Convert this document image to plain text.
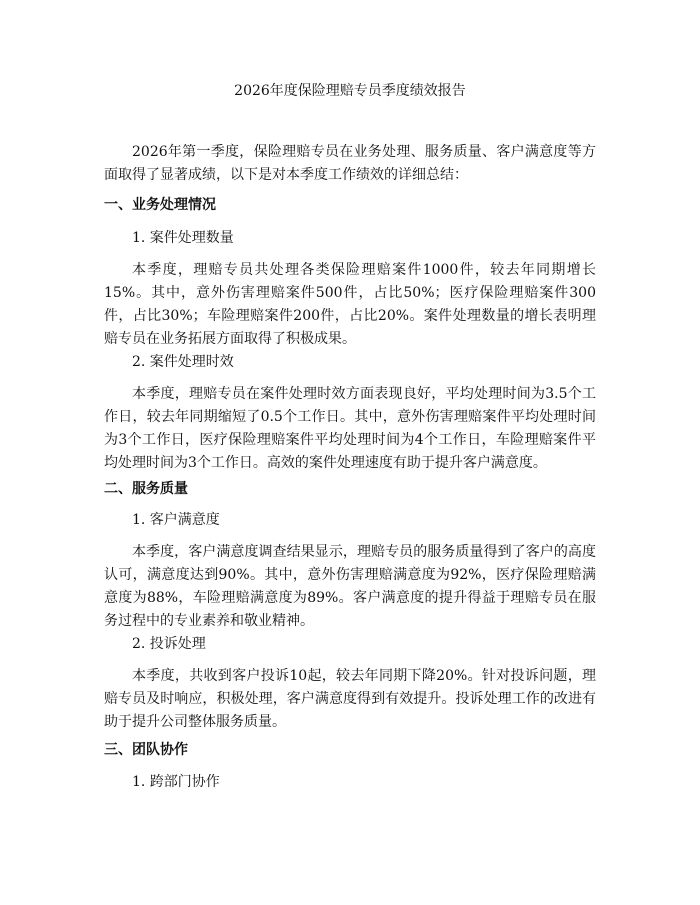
2026年度保险理赔专员季度绩效报告

2026年第一季度，保险理赔专员在业务处理、服务质量、客户满意度等方面取得了显著成绩，以下是对本季度工作绩效的详细总结：

一、业务处理情况

1. 案件处理数量

本季度，理赔专员共处理各类保险理赔案件1000件，较去年同期增长15%。其中，意外伤害理赔案件500件，占比50%；医疗保险理赔案件300件，占比30%；车险理赔案件200件，占比20%。案件处理数量的增长表明理赔专员在业务拓展方面取得了积极成果。

2. 案件处理时效

本季度，理赔专员在案件处理时效方面表现良好，平均处理时间为3.5个工作日，较去年同期缩短了0.5个工作日。其中，意外伤害理赔案件平均处理时间为3个工作日，医疗保险理赔案件平均处理时间为4个工作日，车险理赔案件平均处理时间为3个工作日。高效的案件处理速度有助于提升客户满意度。

二、服务质量

1. 客户满意度

本季度，客户满意度调查结果显示，理赔专员的服务质量得到了客户的高度认可，满意度达到90%。其中，意外伤害理赔满意度为92%，医疗保险理赔满意度为88%，车险理赔满意度为89%。客户满意度的提升得益于理赔专员在服务过程中的专业素养和敬业精神。

2. 投诉处理

本季度，共收到客户投诉10起，较去年同期下降20%。针对投诉问题，理赔专员及时响应，积极处理，客户满意度得到有效提升。投诉处理工作的改进有助于提升公司整体服务质量。

三、团队协作

1. 跨部门协作
